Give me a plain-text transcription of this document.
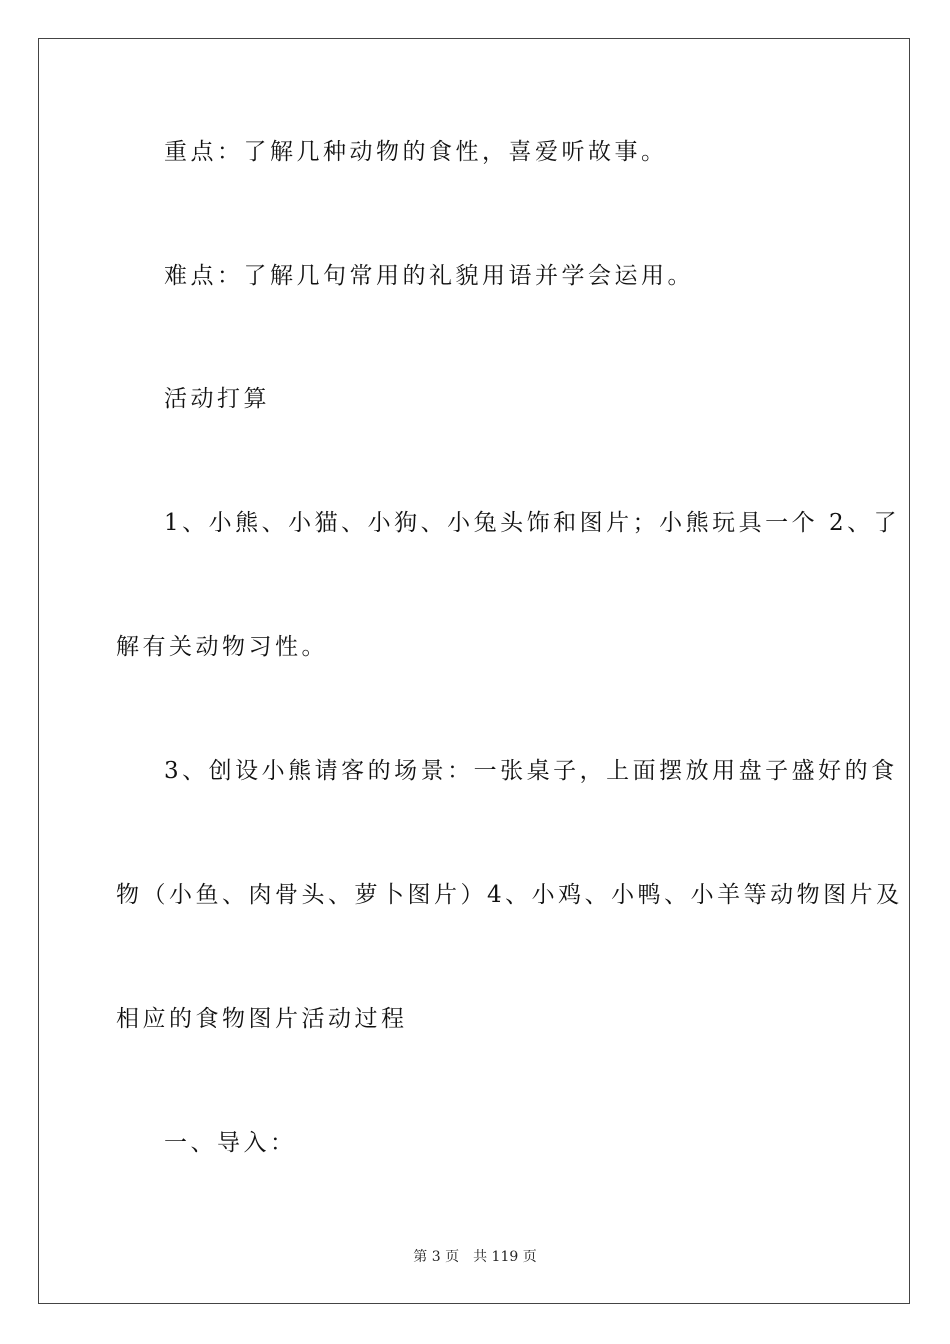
重点：了解几种动物的食性，喜爱听故事。
难点：了解几句常用的礼貌用语并学会运用。
活动打算
1、小熊、小猫、小狗、小兔头饰和图片；小熊玩具一个 2、了
解有关动物习性。
3、创设小熊请客的场景：一张桌子，上面摆放用盘子盛好的食
物（小鱼、肉骨头、萝卜图片）4、小鸡、小鸭、小羊等动物图片及
相应的食物图片活动过程
一、导入：
第 3 页 共 119 页
